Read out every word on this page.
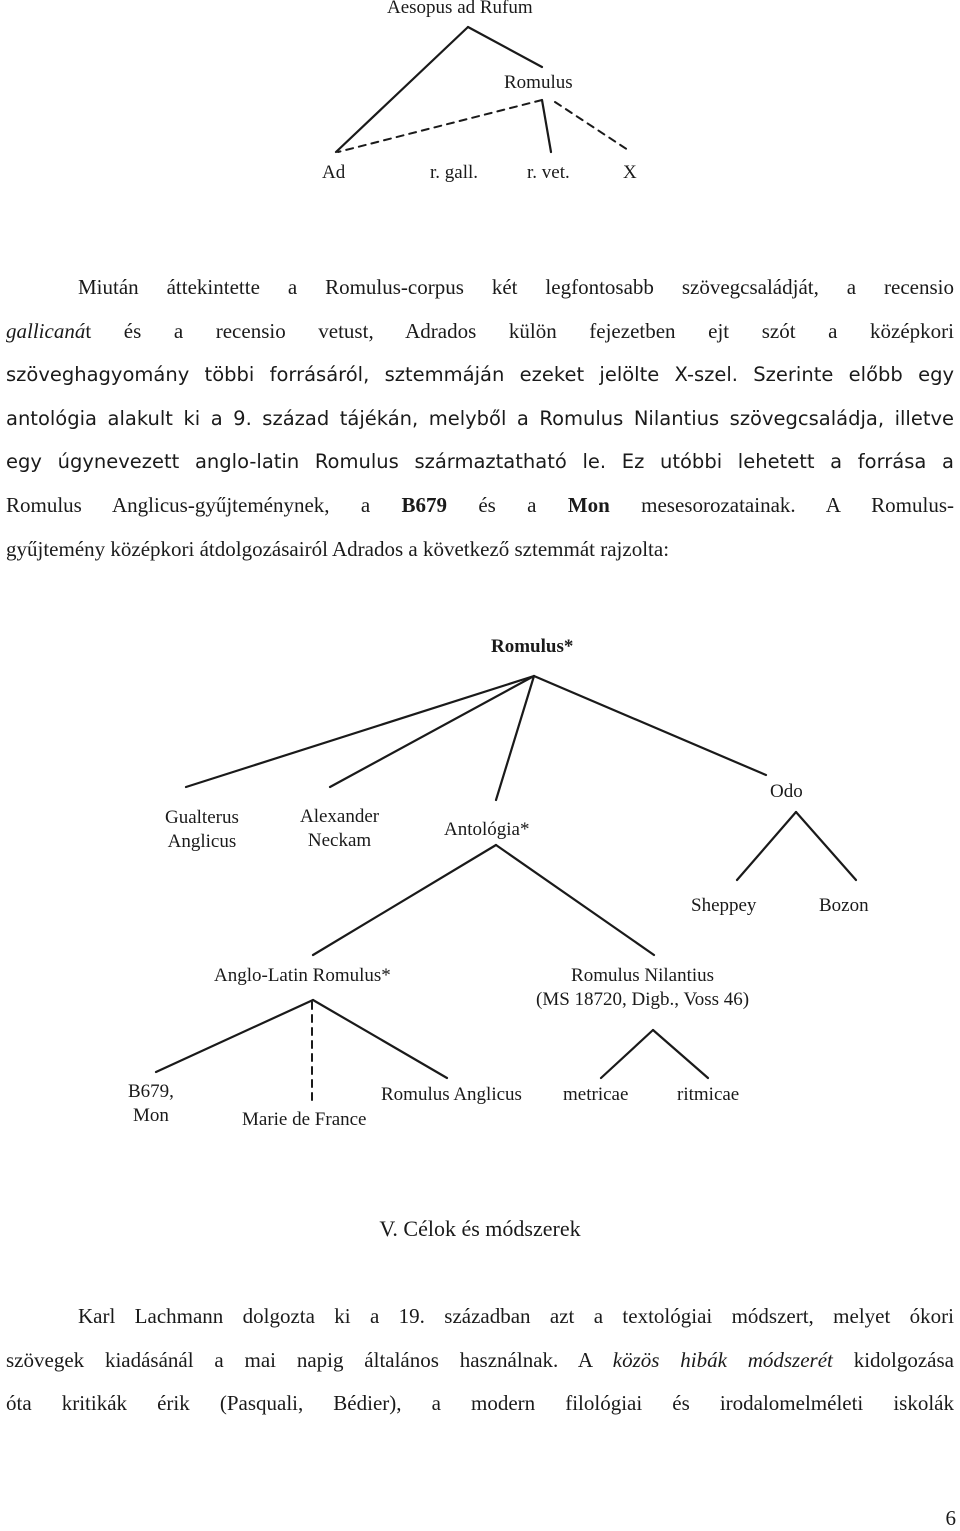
Aesopus ad Rufum
Romulus
Ad	r. gall.	r. vet.	X
Miután áttekintette a Romulus-corpus két legfontosabb szövegcsaládját, a recensio
gallicanát és a recensio vetust, Adrados külön fejezetben ejt szót a középkori
szöveghagyomány többi forrásáról, sztemmáján ezeket jelölte X-szel. Szerinte előbb egy
antológia alakult ki a 9. század tájékán, melyből a Romulus Nilantius szövegcsaládja, illetve
egy úgynevezett anglo-latin Romulus származtatható le. Ez utóbbi lehetett a forrása a
Romulus Anglicus-gyűjteménynek, a B679 és a Mon mesesorozatainak. A Romulus-
gyűjtemény középkori átdolgozásairól Adrados a következő sztemmát rajzolta:
Romulus*
Gualterus
Anglicus
Alexander
Neckam
Antológia*
Odo
Sheppey	Bozon
Anglo-Latin Romulus*	Romulus Nilantius
(MS 18720, Digb., Voss 46)
B679,
Mon	Marie de France
Romulus Anglicus metricae	ritmicae
V. Célok és módszerek
Karl Lachmann dolgozta ki a 19. században azt a textológiai módszert, melyet ókori
szövegek kiadásánál a mai napig általános használnak. A közös hibák módszerét kidolgozása
óta kritikák érik (Pasquali, Bédier), a modern filológiai és irodalomelméleti iskolák
6
